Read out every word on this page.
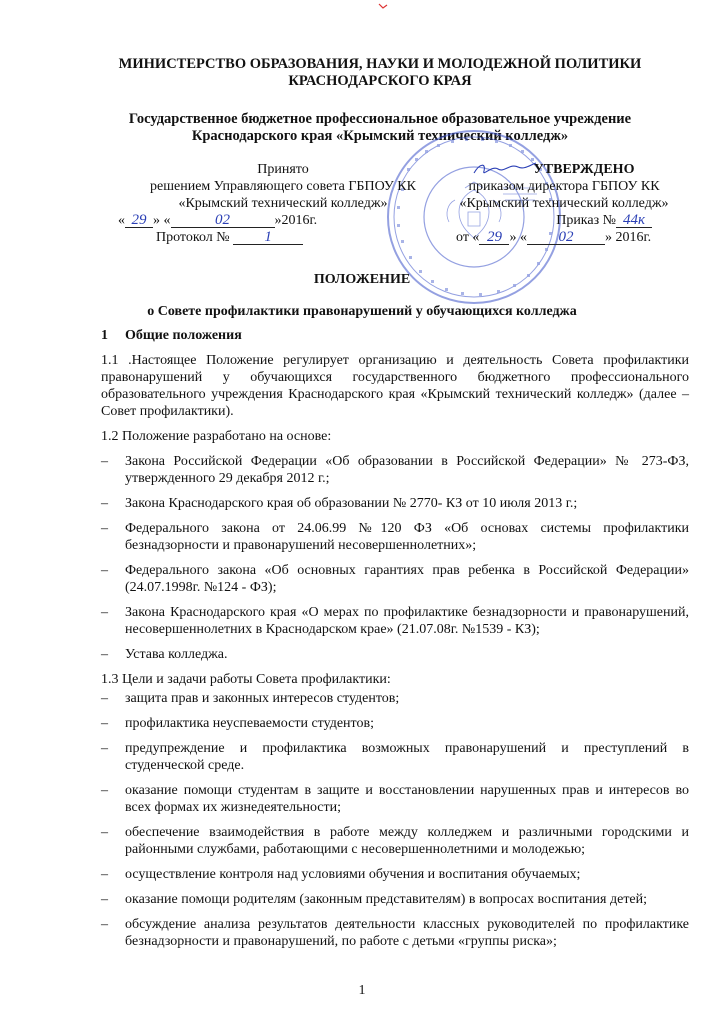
МИНИСТЕРСТВО ОБРАЗОВАНИЯ, НАУКИ И МОЛОДЕЖНОЙ ПОЛИТИКИ
КРАСНОДАРСКОГО КРАЯ
Государственное бюджетное профессиональное образовательное учреждение
Краснодарского края «Крымский технический колледж»
Принято
решением Управляющего совета ГБПОУ КК
«Крымский технический колледж»
« 29 » «	02	»2016г.
Протокол № 1
УТВЕРЖДЕНО
приказом директора ГБПОУ КК
«Крымский технический колледж»
Приказ № 44к
от « 29 » « 02 » 2016г.
ПОЛОЖЕНИЕ
о Совете профилактики правонарушений у обучающихся колледжа
1 Общие положения

1.1 .Настоящее Положение регулирует организацию и деятельность Совета профилактики правонарушений у обучающихся государственного бюджетного профессионального образовательного учреждения Краснодарского края «Крымский технический колледж» (далее – Совет профилактики).

1.2 Положение разработано на основе:

– Закона Российской Федерации «Об образовании в Российской Федерации» № 273-ФЗ, утвержденного 29 декабря 2012 г.;
– Закона Краснодарского края об образовании № 2770- КЗ от 10 июля 2013 г.;
– Федерального закона от 24.06.99 №120 ФЗ «Об основах системы профилактики безнадзорности и правонарушений несовершеннолетних»;
– Федерального закона «Об основных гарантиях прав ребенка в Российской Федерации» (24.07.1998г. №124 - ФЗ);
– Закона Краснодарского края «О мерах по профилактике безнадзорности и правонарушений, несовершеннолетних в Краснодарском крае» (21.07.08г. №1539 - КЗ);
– Устава колледжа.

1.3 Цели и задачи работы Совета профилактики:

– защита прав и законных интересов студентов;
– профилактика неуспеваемости студентов;
– предупреждение и профилактика возможных правонарушений и преступлений в студенческой среде.
– оказание помощи студентам в защите и восстановлении нарушенных прав и интересов во всех формах их жизнедеятельности;
– обеспечение взаимодействия в работе между колледжем и различными городскими и районными службами, работающими с несовершеннолетними и молодежью;
– осуществление контроля над условиями обучения и воспитания обучаемых;
– оказание помощи родителям (законным представителям) в вопросах воспитания детей;
– обсуждение анализа результатов деятельности классных руководителей по профилактике безнадзорности и правонарушений, по работе с детьми «группы риска»;
1
